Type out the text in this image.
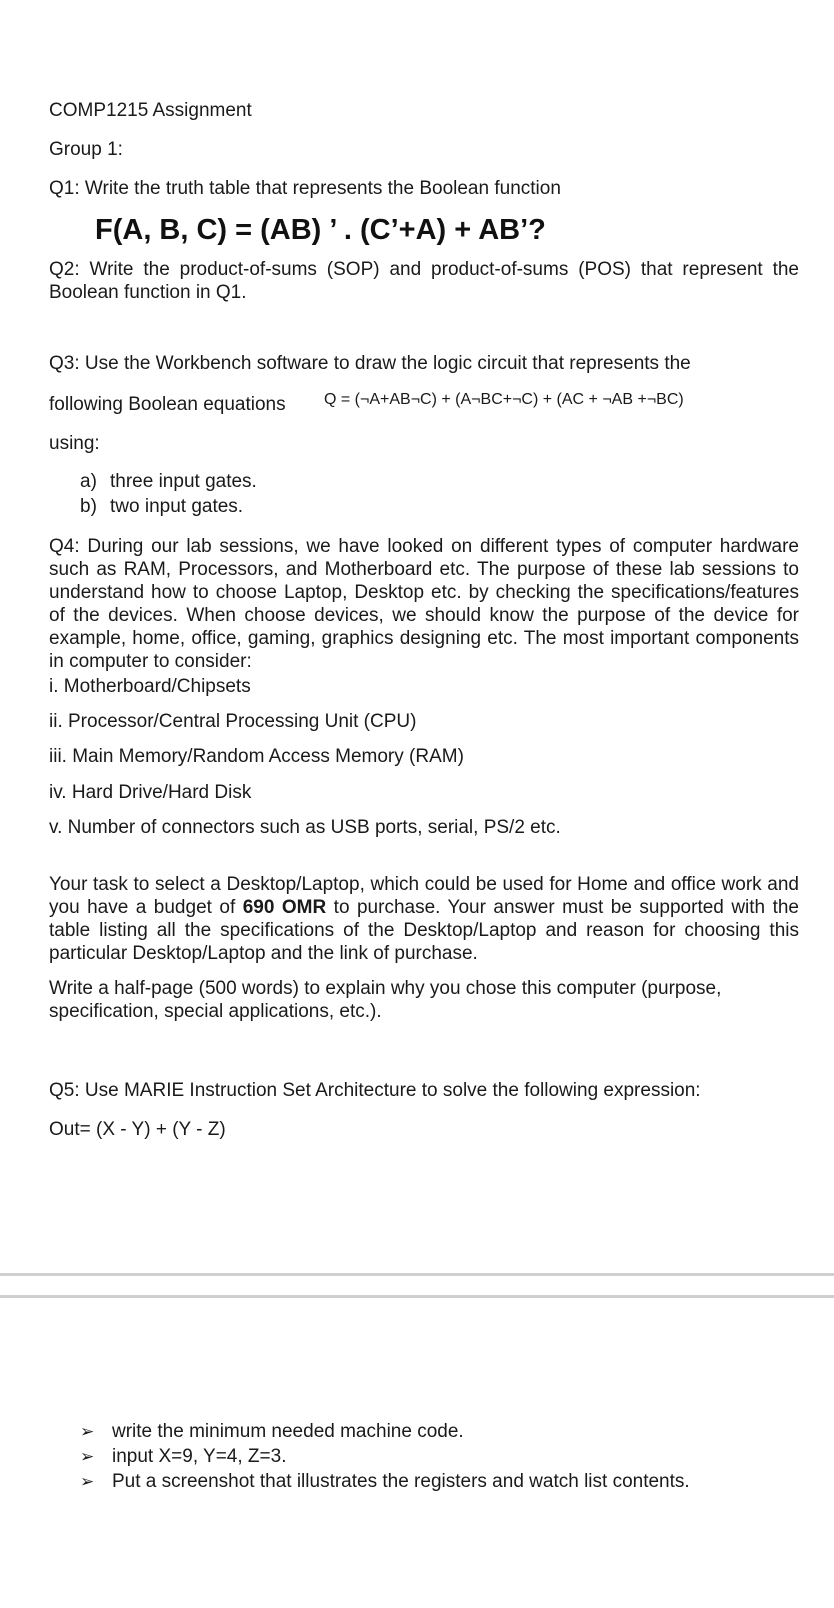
COMP1215 Assignment
Group 1:
Q1: Write the truth table that represents the Boolean function
F(A, B, C) = (AB) ’ . (C’+A) + AB’?
Q2: Write the product-of-sums (SOP) and product-of-sums (POS) that represent the Boolean function in Q1.
Q3: Use the Workbench software to draw the logic circuit that represents the
following Boolean equations	Q = (¬A+AB¬C) + (A¬BC+¬C) + (AC + ¬AB +¬BC)
using:
a) three input gates.
b) two input gates.
Q4: During our lab sessions, we have looked on different types of computer hardware such as RAM, Processors, and Motherboard etc. The purpose of these lab sessions to understand how to choose Laptop, Desktop etc. by checking the specifications/features of the devices. When choose devices, we should know the purpose of the device for example, home, office, gaming, graphics designing etc. The most important components in computer to consider:
i. Motherboard/Chipsets
ii. Processor/Central Processing Unit (CPU)
iii. Main Memory/Random Access Memory (RAM)
iv. Hard Drive/Hard Disk
v. Number of connectors such as USB ports, serial, PS/2 etc.
Your task to select a Desktop/Laptop, which could be used for Home and office work and you have a budget of 690 OMR to purchase. Your answer must be supported with the table listing all the specifications of the Desktop/Laptop and reason for choosing this particular Desktop/Laptop and the link of purchase.
Write a half-page (500 words) to explain why you chose this computer (purpose, specification, special applications, etc.).
Q5: Use MARIE Instruction Set Architecture to solve the following expression:
Out= (X - Y) + (Y - Z)
➢ write the minimum needed machine code.
➢ input X=9, Y=4, Z=3.
➢ Put a screenshot that illustrates the registers and watch list contents.
